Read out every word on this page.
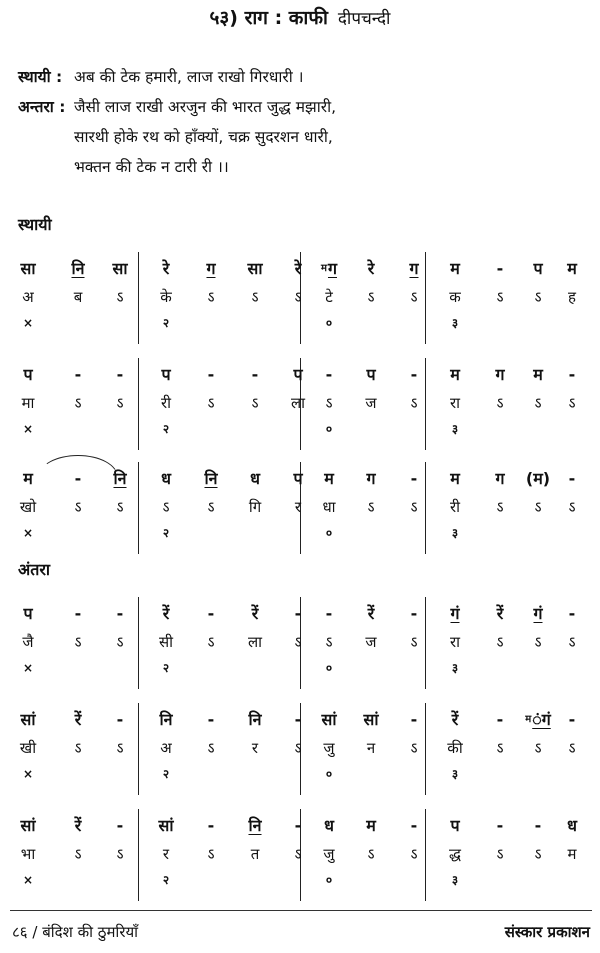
५३) राग : काफी दीपचन्दी
स्थायी : अब की टेक हमारी, लाज राखो गिरधारी ।
अन्तरा : जैसी लाज राखी अरजुन की भारत जुद्ध मझारी,
सारथी होके रथ को हाँक्यों, चक्र सुदरशन धारी,
भक्तन की टेक न टारी री ।।
स्थायी
अंतरा
सा	नि	सा	रे	ग	सा	रे	$^म$ग	रे	ग	म	-	प	म
अ	ब	ऽ	के	ऽ	ऽ	ऽ	टे	ऽ	ऽ	क	ऽ	ऽ	ह
×	२	०	३
प	-	-	प	-	-	प	-	प	-	म	ग	म	-
मा	ऽ	ऽ	री	ऽ	ऽ	ला	ऽ	ज	ऽ	रा	ऽ	ऽ	ऽ
×	२	०	३
म	-	नि	ध	नि	ध	प	म	ग	-	म	ग	(म)	-
खो	ऽ	ऽ	ऽ	ऽ	गि	र	धा	ऽ	ऽ	री	ऽ	ऽ	ऽ
×	२	०	३
प	-	-	रें	-	रें	-	-	रें	-	गं	रें	गं	-
जै	ऽ	ऽ	सी	ऽ	ला	ऽ	ऽ	ज	ऽ	रा	ऽ	ऽ	ऽ
×	२	०	३
सां	रें	-	नि	-	नि	-	सां	सां	-	रें	-	$^म$ंगं	-
खी	ऽ	ऽ	अ	ऽ	र	ऽ	जु	न	ऽ	की	ऽ	ऽ	ऽ
×	२	०	३
सां	रें	-	सां	-	नि	-	ध	म	-	प	-	-	ध
भा	ऽ	ऽ	र	ऽ	त	ऽ	जु	ऽ	ऽ	द्ध	ऽ	ऽ	म
×	२	०	३
८६ / बंदिश की ठुमरियाँ	संस्कार प्रकाशन
